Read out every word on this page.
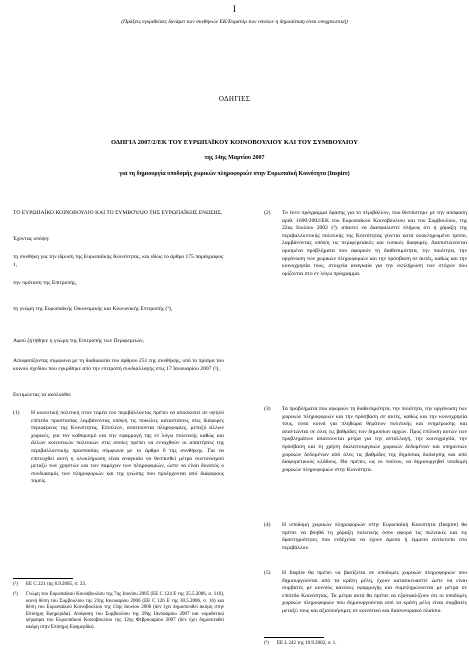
I
(Πράξεις εγκριθείσες δυνάμει των συνθηκών ΕΚ/Ευρατόμ των οποίων η δημοσίευση είναι υποχρεωτική)
ΟΔΗΓΙΕΣ
ΟΔΗΓΙΑ 2007/2/ΕΚ ΤΟΥ ΕΥΡΩΠΑΪΚΟΥ ΚΟΙΝΟΒΟΥΛΙΟΥ ΚΑΙ ΤΟΥ ΣΥΜΒΟΥΛΙΟΥ
της 14ης Μαρτίου 2007
για τη δημιουργία υποδομής χωρικών πληροφοριών στην Ευρωπαϊκή Κοινότητα (Inspire)

ΤΟ ΕΥΡΩΠΑΪΚΟ ΚΟΙΝΟΒΟΥΛΙΟ ΚΑΙ ΤΟ ΣΥΜΒΟΥΛΙΟ ΤΗΣ ΕΥΡΩΠΑΪΚΗΣ ΕΝΩΣΗΣ,

Έχοντας υπόψη:

τη συνθήκη για την ίδρυση της Ευρωπαϊκής Κοινότητας, και ιδίως το άρθρο 175 παράγραφος 1,

την πρόταση της Επιτροπής,

τη γνώμη της Ευρωπαϊκής Οικονομικής και Κοινωνικής Επιτροπής (¹),

Αφού ζητήθηκε η γνώμη της Επιτροπής των Περιφερειών,

Αποφασίζοντας σύμφωνα με τη διαδικασία του άρθρου 251 της συνθήκης, υπό το πρίσμα του κοινού σχεδίου που εγκρίθηκε από την επιτροπή συνδιαλλαγής στις 17 Ιανουαρίου 2007 (²),

Εκτιμώντας τα ακόλουθα:

(1)	Η κοινοτική πολιτική στον τομέα του περιβάλλοντος πρέπει να αποσκοπεί σε υψηλό επίπεδο προστασίας λαμβάνοντας υπόψη τις ποικίλες καταστάσεις στις διάφορες περιφέρειες της Κοινότητας. Επιπλέον, απαιτούνται πληροφορίες, μεταξύ άλλων χωρικές, για τον καθορισμό και την εφαρμογή της εν λόγω πολιτικής καθώς και άλλων κοινοτικών πολιτικών στις οποίες πρέπει να ενταχθούν οι απαιτήσεις της περιβαλλοντικής προστασίας σύμφωνα με το άρθρο 6 της συνθήκης. Για να επιτευχθεί αυτή η ολοκλήρωση είναι αναγκαίο να θεσπισθεί μέτρο συντονισμού μεταξύ των χρηστών και των παρόχων των πληροφοριών, ώστε να είναι δυνατός ο συνδυασμός των πληροφοριών και της γνώσης που προέρχονται από διάφορους τομείς.

(¹) ΕΕ C 221 της 8.9.2005, σ. 33.

(²) Γνώμη του Ευρωπαϊκού Κοινοβουλίου της 7ης Ιουνίου 2005 (ΕΕ C 124 Ε της 25.5.2006, σ. 116), κοινή θέση του Συμβουλίου της 23ης Ιανουαρίου 2006 (ΕΕ C 126 Ε της 30.5.2006, σ. 16) και θέση του Ευρωπαϊκού Κοινοβουλίου της 13ης Ιουνίου 2006 (δεν έχει δημοσιευθεί ακόμη στην Επίσημη Εφημερίδα). Απόφαση του Συμβουλίου της 29ης Ιανουαρίου 2007 και νομοθετικό ψήφισμα του Ευρωπαϊκού Κοινοβουλίου της 12ης Φεβρουαρίου 2007 (δεν έχει δημοσιευθεί ακόμη στην Επίσημη Εφημερίδα).

(2)	Το έκτο πρόγραμμα δράσης για το περιβάλλον, που θεσπίστηκε με την απόφαση αριθ. 1600/2002/ΕΚ του Ευρωπαϊκού Κοινοβουλίου και του Συμβουλίου, της 22ας Ιουλίου 2002 (³), απαιτεί να διασφαλιστεί πλήρως ότι η χάραξη της περιβαλλοντικής πολιτικής της Κοινότητας γίνεται κατά ολοκληρωμένο τρόπο, λαμβάνοντας υπόψη τις περιφερειακές και τοπικές διαφορές. Διαπιστώνονται ορισμένα προβλήματα που αφορούν τη διαθεσιμότητα, την ποιότητα, την οργάνωση των χωρικών πληροφοριών και την πρόσβαση σε αυτές, καθώς και την κοινοχρησία τους, στοιχεία αναγκαία για την εκπλήρωση των στόχων που ορίζονται στο εν λόγω πρόγραμμα.

(3)	Τα προβλήματα που αφορούν τη διαθεσιμότητα, την ποιότητα, την οργάνωση των χωρικών πληροφοριών και την πρόσβαση σε αυτές, καθώς και την κοινοχρησία τους, είναι κοινά για πληθώρα θεμάτων πολιτικής και ενημέρωσης και απαντώνται σε όλες τις βαθμίδες των δημοσίων αρχών. Προς επίλυση αυτών των προβλημάτων απαιτούνται μέτρα για την ανταλλαγή, την κοινοχρησία, την πρόσβαση και τη χρήση διαλειτουργικών χωρικών δεδομένων και υπηρεσιών χωρικών δεδομένων από όλες τις βαθμίδες της δημόσιας διοίκησης και από διαφορετικούς κλάδους. Θα πρέπει, ως εκ τούτου, να δημιουργηθεί υποδομή χωρικών πληροφοριών στην Κοινότητα.

(4)	Η υποδομή χωρικών πληροφοριών στην Ευρωπαϊκή Κοινότητα (Inspire) θα πρέπει να βοηθά τη χάραξη πολιτικής όσον αφορά τις πολιτικές και τις δραστηριότητες που ενδέχεται να έχουν άμεσο ή έμμεσο αντίκτυπο στο περιβάλλον.

(5)	Η Inspire θα πρέπει να βασίζεται σε υποδομές χωρικών πληροφοριών που δημιουργούνται από τα κράτη μέλη, έχουν κατασκευαστεί ώστε να είναι συμβατές με κοινούς κανόνες εφαρμογής και συμπληρώνονται με μέτρα σε επίπεδο Κοινότητας. Τα μέτρα αυτά θα πρέπει να εξασφαλίζουν ότι οι υποδομές χωρικών πληροφοριών που δημιουργούνται από τα κράτη μέλη είναι συμβατές μεταξύ τους και αξιοποιήσιμες σε κοινοτικό και διασυνοριακό πλαίσιο.

(³) ΕΕ L 242 της 10.9.2002, σ. 1.
